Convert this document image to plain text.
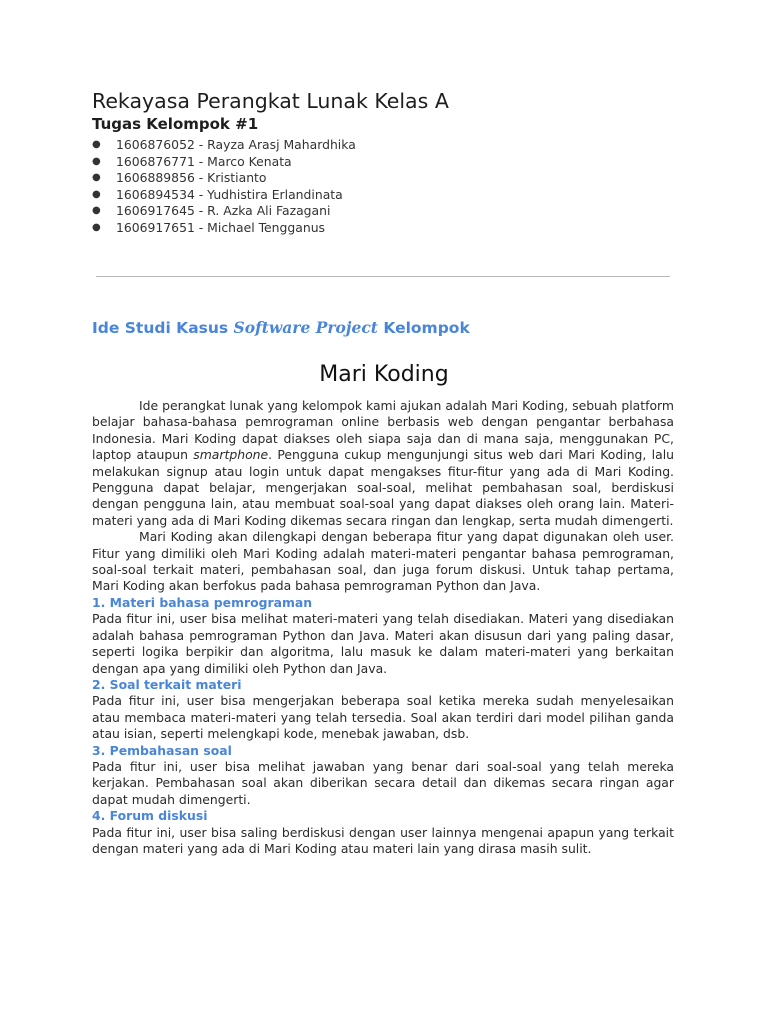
Rekayasa Perangkat Lunak Kelas A
Tugas Kelompok #1
● 1606876052 - Rayza Arasj Mahardhika
● 1606876771 - Marco Kenata
● 1606889856 - Kristianto
● 1606894534 - Yudhistira Erlandinata
● 1606917645 - R. Azka Ali Fazagani
● 1606917651 - Michael Tengganus
Ide Studi Kasus Software Project Kelompok
Mari Koding

Ide perangkat lunak yang kelompok kami ajukan adalah Mari Koding, sebuah platform belajar bahasa-bahasa pemrograman online berbasis web dengan pengantar berbahasa Indonesia. Mari Koding dapat diakses oleh siapa saja dan di mana saja, menggunakan PC, laptop ataupun smartphone. Pengguna cukup mengunjungi situs web dari Mari Koding, lalu melakukan signup atau login untuk dapat mengakses fitur-fitur yang ada di Mari Koding. Pengguna dapat belajar, mengerjakan soal-soal, melihat pembahasan soal, berdiskusi dengan pengguna lain, atau membuat soal-soal yang dapat diakses oleh orang lain. Materi-materi yang ada di Mari Koding dikemas secara ringan dan lengkap, serta mudah dimengerti.

Mari Koding akan dilengkapi dengan beberapa fitur yang dapat digunakan oleh user. Fitur yang dimiliki oleh Mari Koding adalah materi-materi pengantar bahasa pemrograman, soal-soal terkait materi, pembahasan soal, dan juga forum diskusi. Untuk tahap pertama, Mari Koding akan berfokus pada bahasa pemrograman Python dan Java.

1. Materi bahasa pemrograman

Pada fitur ini, user bisa melihat materi-materi yang telah disediakan. Materi yang disediakan adalah bahasa pemrograman Python dan Java. Materi akan disusun dari yang paling dasar, seperti logika berpikir dan algoritma, lalu masuk ke dalam materi-materi yang berkaitan dengan apa yang dimiliki oleh Python dan Java.

2. Soal terkait materi

Pada fitur ini, user bisa mengerjakan beberapa soal ketika mereka sudah menyelesaikan atau membaca materi-materi yang telah tersedia. Soal akan terdiri dari model pilihan ganda atau isian, seperti melengkapi kode, menebak jawaban, dsb.

3. Pembahasan soal

Pada fitur ini, user bisa melihat jawaban yang benar dari soal-soal yang telah mereka kerjakan. Pembahasan soal akan diberikan secara detail dan dikemas secara ringan agar dapat mudah dimengerti.

4. Forum diskusi

Pada fitur ini, user bisa saling berdiskusi dengan user lainnya mengenai apapun yang terkait dengan materi yang ada di Mari Koding atau materi lain yang dirasa masih sulit.
